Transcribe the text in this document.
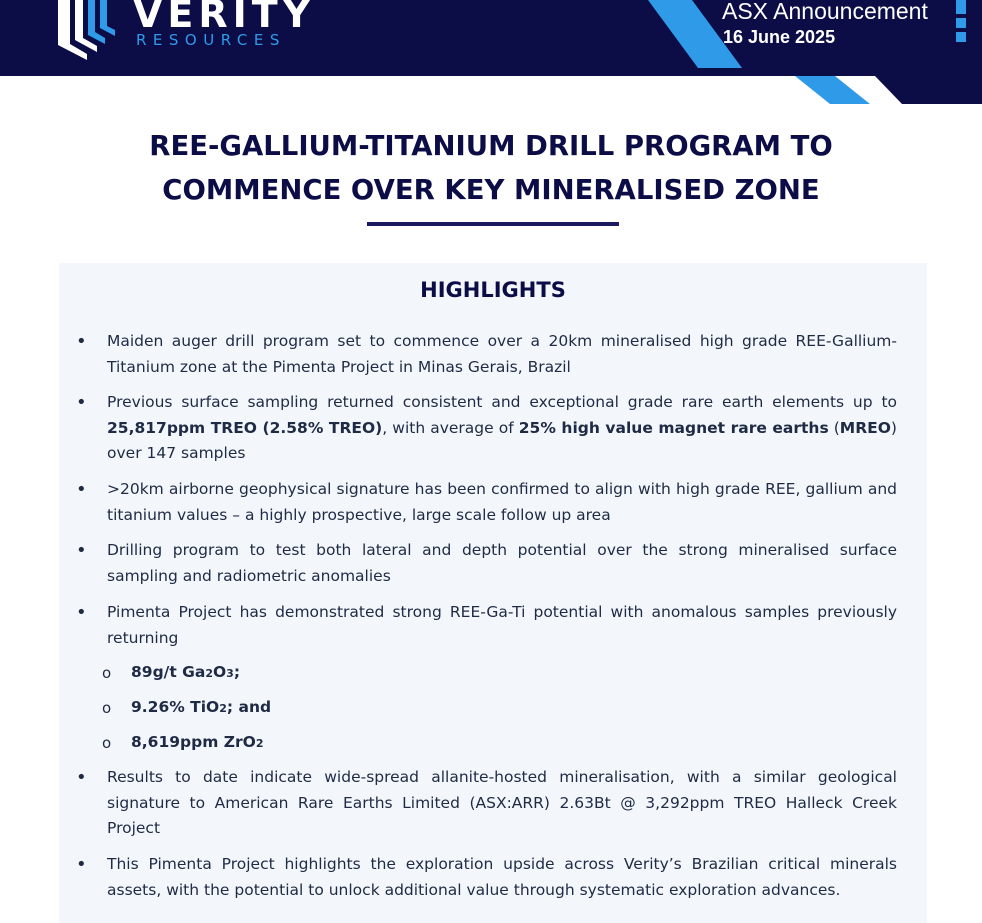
VERITY
RESOURCES

ASX Announcement

16 June 2025

REE-GALLIUM-TITANIUM DRILL PROGRAM TO
COMMENCE OVER KEY MINERALISED ZONE
HIGHLIGHTS

• Maiden auger drill program set to commence over a 20km mineralised high grade REE-Gallium-Titanium zone at the Pimenta Project in Minas Gerais, Brazil

• Previous surface sampling returned consistent and exceptional grade rare earth elements up to 25,817ppm TREO (2.58% TREO), with average of 25% high value magnet rare earths (MREO) over 147 samples

• >20km airborne geophysical signature has been confirmed to align with high grade REE, gallium and titanium values – a highly prospective, large scale follow up area

• Drilling program to test both lateral and depth potential over the strong mineralised surface sampling and radiometric anomalies

• Pimenta Project has demonstrated strong REE-Ga-Ti potential with anomalous samples previously returning

o 89g/t Ga2O3;

o 9.26% TiO2; and

o 8,619ppm ZrO2

• Results to date indicate wide-spread allanite-hosted mineralisation, with a similar geological signature to American Rare Earths Limited (ASX:ARR) 2.63Bt @ 3,292ppm TREO Halleck Creek Project

• This Pimenta Project highlights the exploration upside across Verity’s Brazilian critical minerals assets, with the potential to unlock additional value through systematic exploration advances.
